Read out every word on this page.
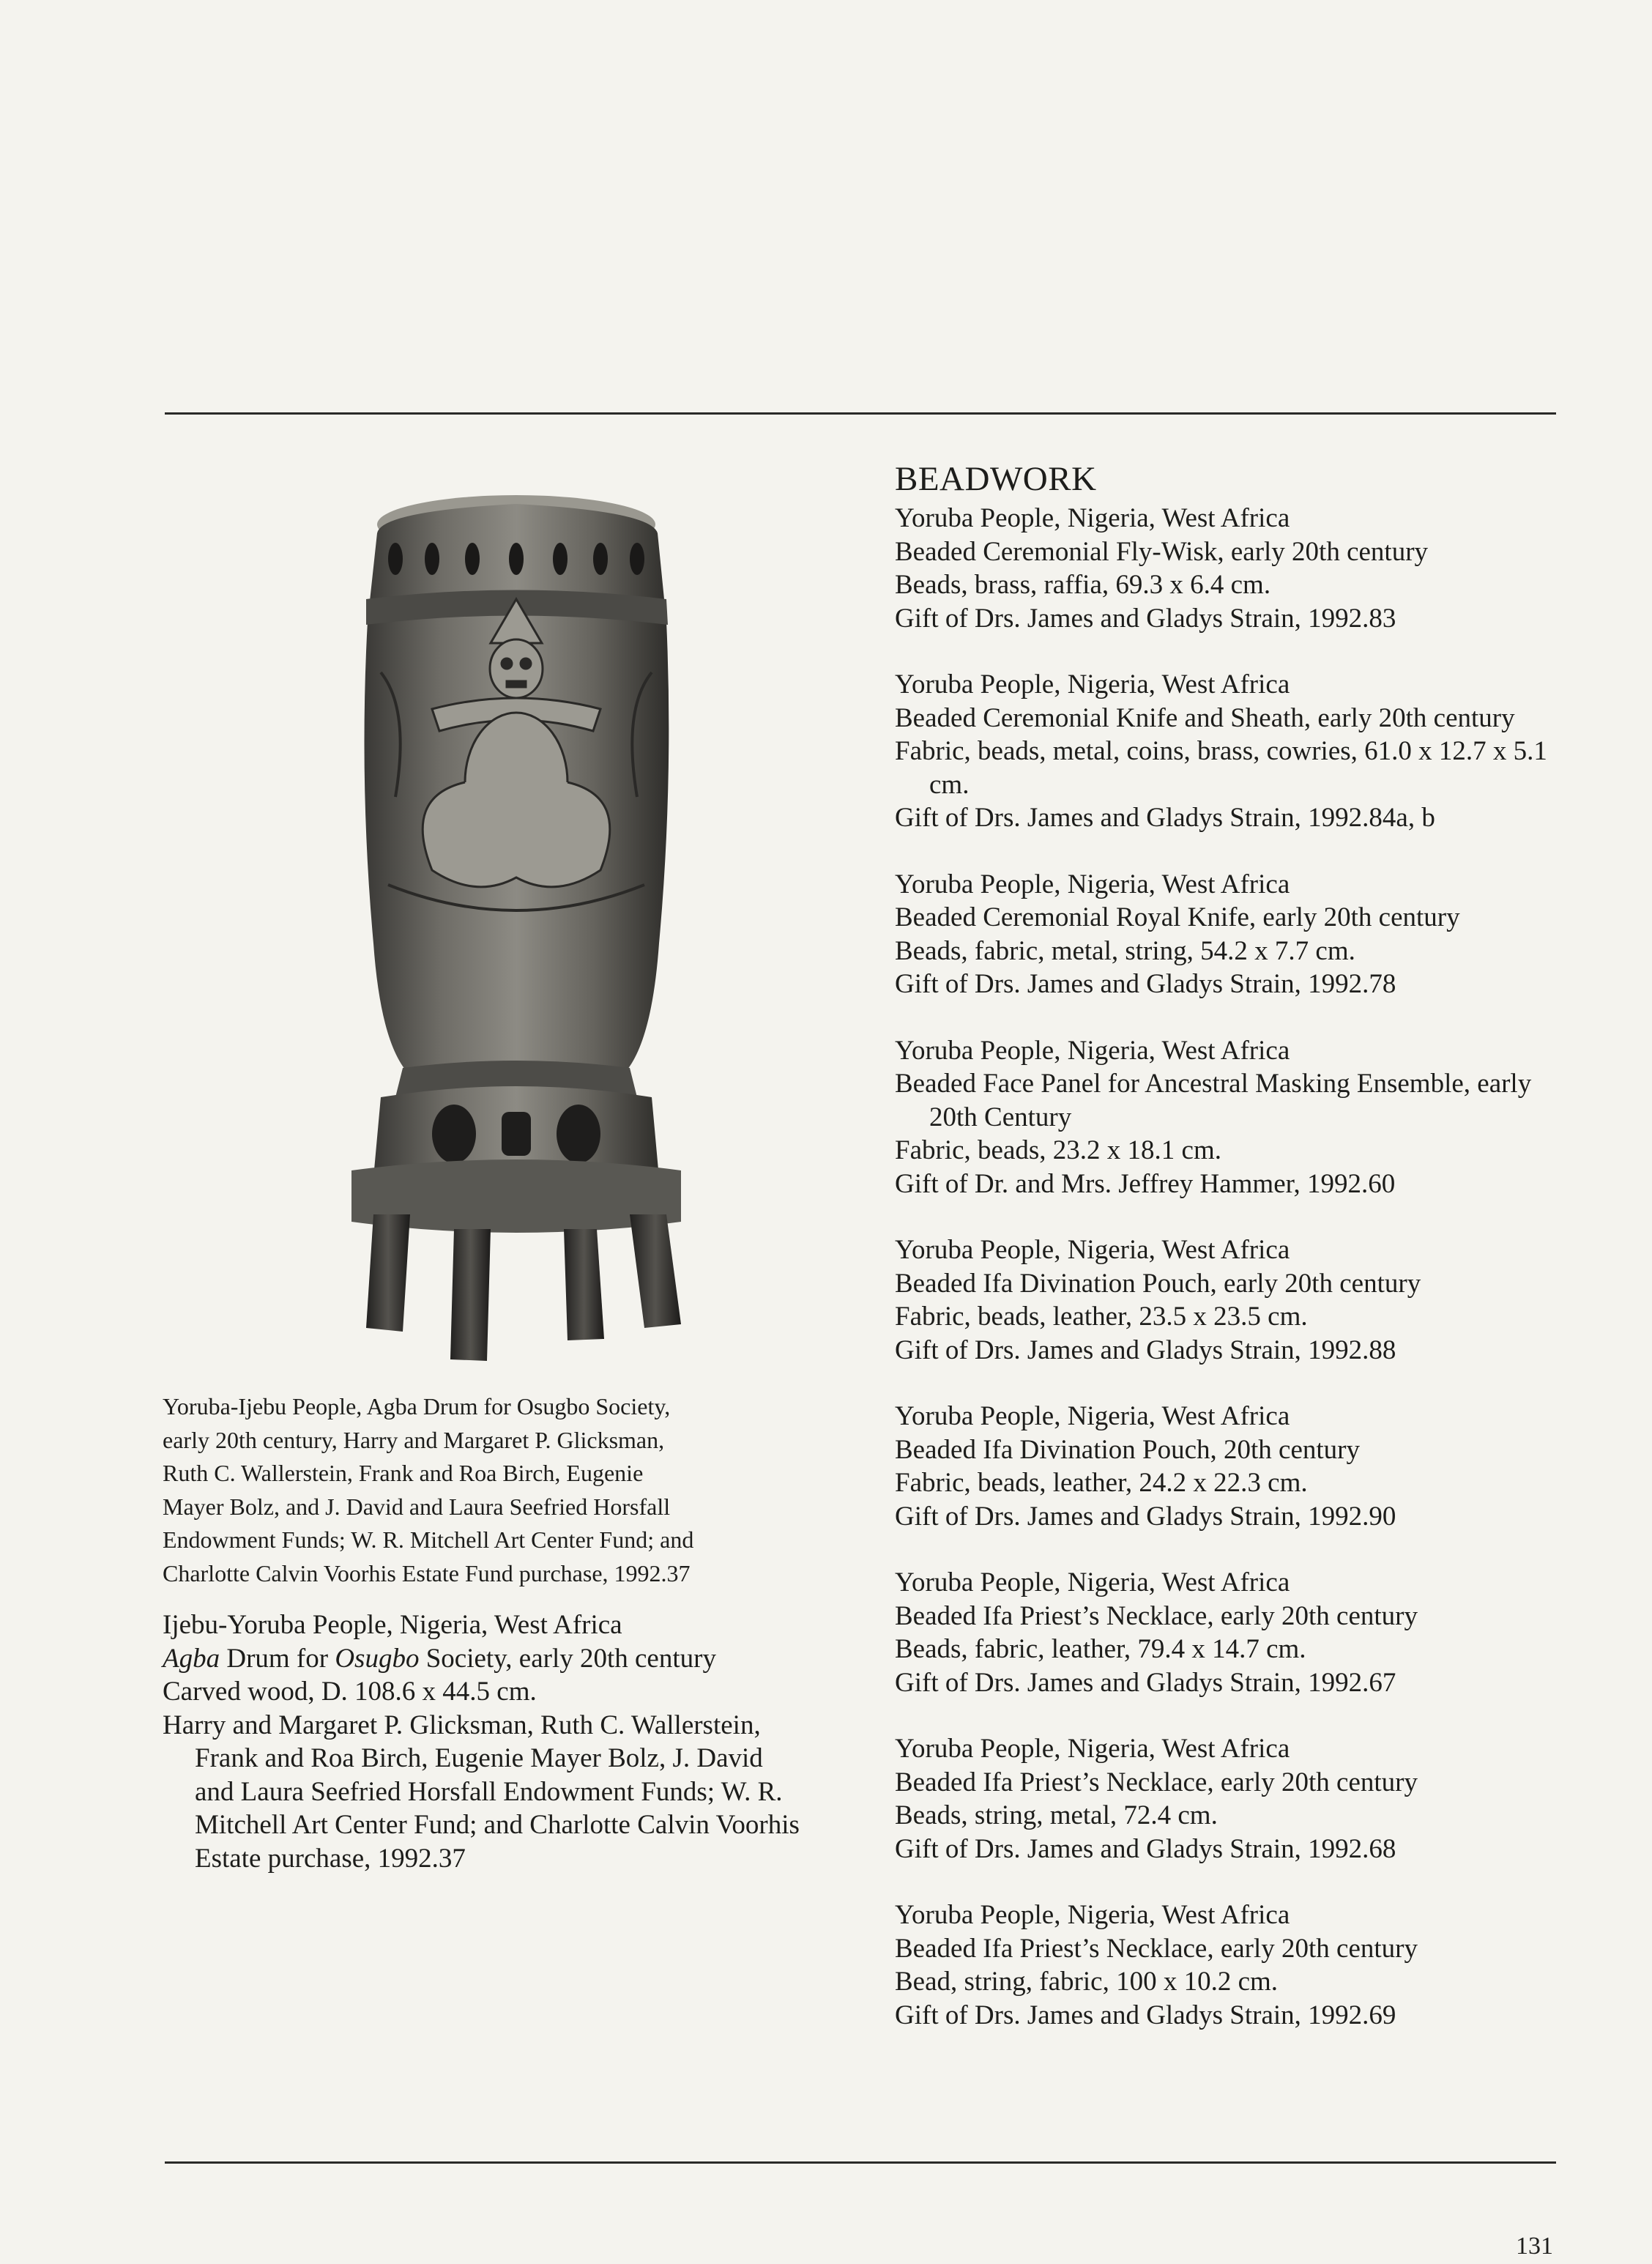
Yoruba-Ijebu People, Agba Drum for Osugbo Society,

early 20th century, Harry and Margaret P. Glicksman,

Ruth C. Wallerstein, Frank and Roa Birch, Eugenie

Mayer Bolz, and J. David and Laura Seefried Horsfall

Endowment Funds; W. R. Mitchell Art Center Fund; and

Charlotte Calvin Voorhis Estate Fund purchase, 1992.37

Ijebu-Yoruba People, Nigeria, West Africa

Agba Drum for Osugbo Society, early 20th century

Carved wood, D. 108.6 x 44.5 cm.

Harry and Margaret P. Glicksman, Ruth C. Wallerstein, Frank and Roa Birch, Eugenie Mayer Bolz, J. David and Laura Seefried Horsfall Endowment Funds; W. R. Mitchell Art Center Fund; and Charlotte Calvin Voorhis Estate purchase, 1992.37

BEADWORK

Yoruba People, Nigeria, West Africa

Beaded Ceremonial Fly-Wisk, early 20th century

Beads, brass, raffia, 69.3 x 6.4 cm.

Gift of Drs. James and Gladys Strain, 1992.83

Yoruba People, Nigeria, West Africa

Beaded Ceremonial Knife and Sheath, early 20th century

Fabric, beads, metal, coins, brass, cowries, 61.0 x 12.7 x 5.1 cm.

Gift of Drs. James and Gladys Strain, 1992.84a, b

Yoruba People, Nigeria, West Africa

Beaded Ceremonial Royal Knife, early 20th century

Beads, fabric, metal, string, 54.2 x 7.7 cm.

Gift of Drs. James and Gladys Strain, 1992.78

Yoruba People, Nigeria, West Africa

Beaded Face Panel for Ancestral Masking Ensemble, early 20th Century

Fabric, beads, 23.2 x 18.1 cm.

Gift of Dr. and Mrs. Jeffrey Hammer, 1992.60

Yoruba People, Nigeria, West Africa

Beaded Ifa Divination Pouch, early 20th century

Fabric, beads, leather, 23.5 x 23.5 cm.

Gift of Drs. James and Gladys Strain, 1992.88

Yoruba People, Nigeria, West Africa

Beaded Ifa Divination Pouch, 20th century

Fabric, beads, leather, 24.2 x 22.3 cm.

Gift of Drs. James and Gladys Strain, 1992.90

Yoruba People, Nigeria, West Africa

Beaded Ifa Priest’s Necklace, early 20th century

Beads, fabric, leather, 79.4 x 14.7 cm.

Gift of Drs. James and Gladys Strain, 1992.67

Yoruba People, Nigeria, West Africa

Beaded Ifa Priest’s Necklace, early 20th century

Beads, string, metal, 72.4 cm.

Gift of Drs. James and Gladys Strain, 1992.68

Yoruba People, Nigeria, West Africa

Beaded Ifa Priest’s Necklace, early 20th century

Bead, string, fabric, 100 x 10.2 cm.

Gift of Drs. James and Gladys Strain, 1992.69

131
